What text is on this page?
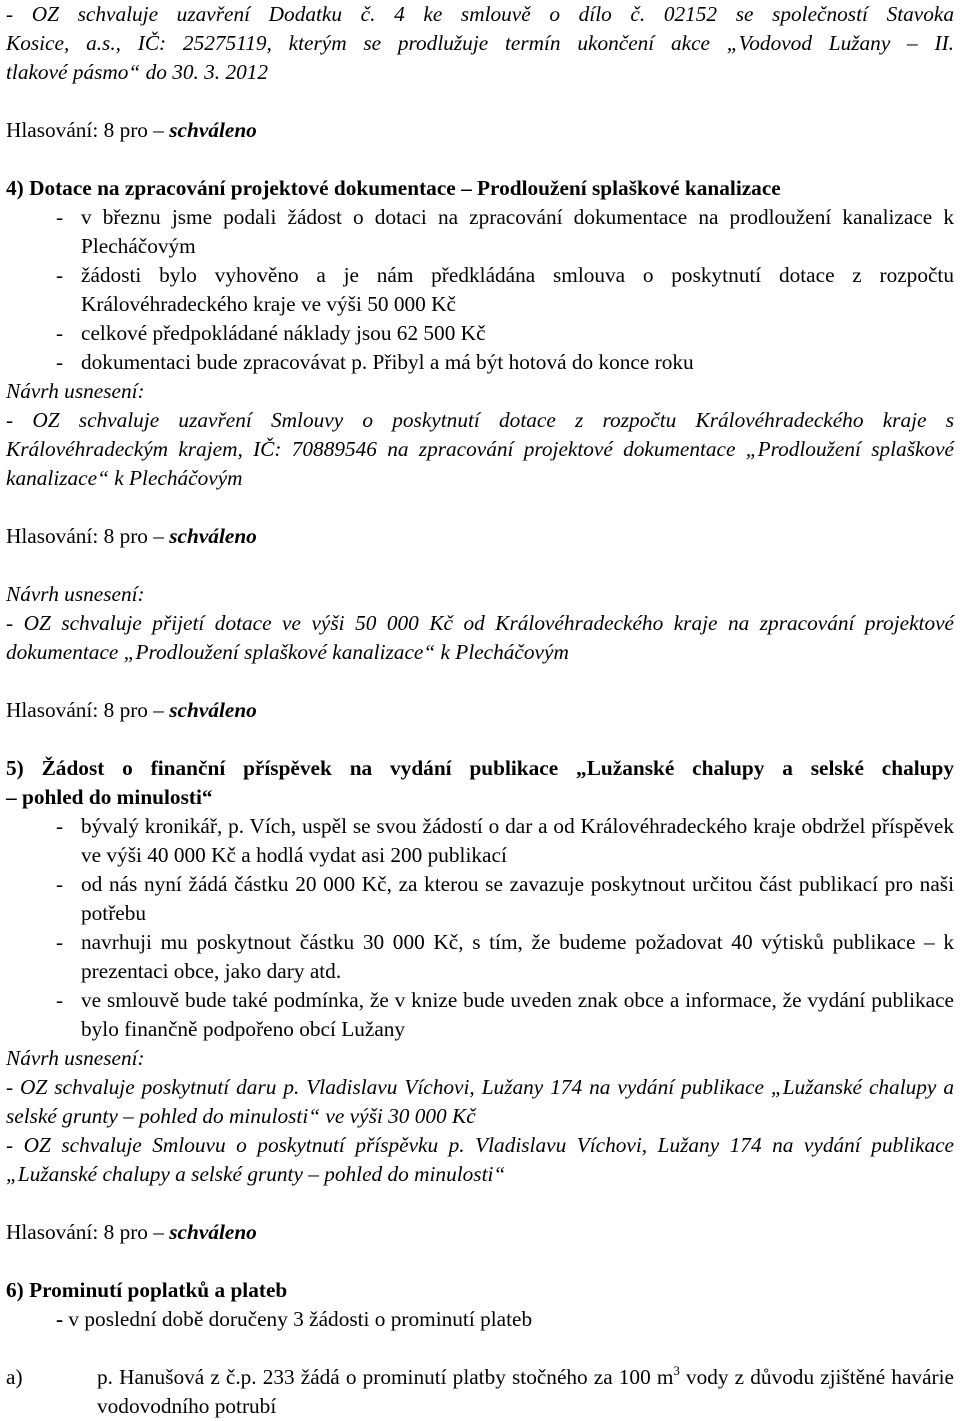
- OZ schvaluje uzavření Dodatku č. 4 ke smlouvě o dílo č. 02152 se společností Stavoka

Kosice, a.s., IČ: 25275119, kterým se prodlužuje termín ukončení akce „Vodovod Lužany – II.

tlakové pásmo“ do 30. 3. 2012

Hlasování: 8 pro – schváleno

4) Dotace na zpracování projektové dokumentace – Prodloužení splaškové kanalizace

- v březnu jsme podali žádost o dotaci na zpracování dokumentace na prodloužení kanalizace k Plecháčovým
- žádosti bylo vyhověno a je nám předkládána smlouva o poskytnutí dotace z rozpočtu Královéhradeckého kraje ve výši 50 000 Kč
- celkové předpokládané náklady jsou 62 500 Kč
- dokumentaci bude zpracovávat p. Přibyl a má být hotová do konce roku

Návrh usnesení:

- OZ schvaluje uzavření Smlouvy o poskytnutí dotace z rozpočtu Královéhradeckého kraje s Královéhradeckým krajem, IČ: 70889546 na zpracování projektové dokumentace „Prodloužení splaškové kanalizace“ k Plecháčovým

Hlasování: 8 pro – schváleno

Návrh usnesení:

- OZ schvaluje přijetí dotace ve výši 50 000 Kč od Královéhradeckého kraje na zpracování projektové dokumentace „Prodloužení splaškové kanalizace“ k Plecháčovým

Hlasování: 8 pro – schváleno

5) Žádost o finanční příspěvek na vydání publikace „Lužanské chalupy a selské chalupy

– pohled do minulosti“

- bývalý kronikář, p. Vích, uspěl se svou žádostí o dar a od Královéhradeckého kraje obdržel příspěvek ve výši 40 000 Kč a hodlá vydat asi 200 publikací
- od nás nyní žádá částku 20 000 Kč, za kterou se zavazuje poskytnout určitou část publikací pro naši potřebu
- navrhuji mu poskytnout částku 30 000 Kč, s tím, že budeme požadovat 40 výtisků publikace – k prezentaci obce, jako dary atd.
- ve smlouvě bude také podmínka, že v knize bude uveden znak obce a informace, že vydání publikace bylo finančně podpořeno obcí Lužany

Návrh usnesení:

- OZ schvaluje poskytnutí daru p. Vladislavu Víchovi, Lužany 174 na vydání publikace „Lužanské chalupy a selské grunty – pohled do minulosti“ ve výši 30 000 Kč

- OZ schvaluje Smlouvu o poskytnutí příspěvku p. Vladislavu Víchovi, Lužany 174 na vydání publikace „Lužanské chalupy a selské grunty – pohled do minulosti“

Hlasování: 8 pro – schváleno

6) Prominutí poplatků a plateb

- v poslední době doručeny 3 žádosti o prominutí plateb

a)	p. Hanušová z č.p. 233 žádá o prominutí platby stočného za 100 $m^3$ vody z důvodu zjištěné havárie vodovodního potrubí
